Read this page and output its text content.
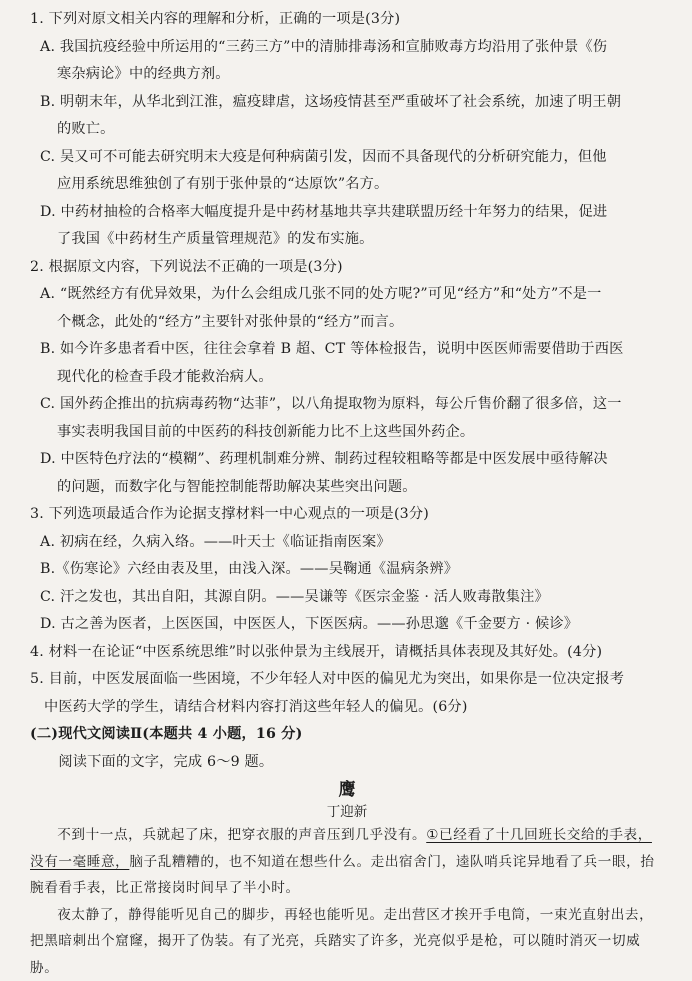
1. 下列对原文相关内容的理解和分析，正确的一项是(3分)

A. 我国抗疫经验中所运用的“三药三方”中的清肺排毒汤和宣肺败毒方均沿用了张仲景《伤
寒杂病论》中的经典方剂。

B. 明朝末年，从华北到江淮，瘟疫肆虐，这场疫情甚至严重破坏了社会系统，加速了明王朝
的败亡。

C. 吴又可不可能去研究明末大疫是何种病菌引发，因而不具备现代的分析研究能力，但他
应用系统思维独创了有别于张仲景的“达原饮”名方。

D. 中药材抽检的合格率大幅度提升是中药材基地共享共建联盟历经十年努力的结果，促进
了我国《中药材生产质量管理规范》的发布实施。

2. 根据原文内容，下列说法不正确的一项是(3分)

A. “既然经方有优异效果，为什么会组成几张不同的处方呢?”可见“经方”和“处方”不是一
个概念，此处的“经方”主要针对张仲景的“经方”而言。

B. 如今许多患者看中医，往往会拿着 B 超、CT 等体检报告，说明中医医师需要借助于西医
现代化的检查手段才能救治病人。

C. 国外药企推出的抗病毒药物“达菲”，以八角提取物为原料，每公斤售价翻了很多倍，这一
事实表明我国目前的中医药的科技创新能力比不上这些国外药企。

D. 中医特色疗法的“模糊”、药理机制难分辨、制药过程较粗略等都是中医发展中亟待解决
的问题，而数字化与智能控制能帮助解决某些突出问题。

3. 下列选项最适合作为论据支撑材料一中心观点的一项是(3分)

A. 初病在经，久病入络。——叶天士《临证指南医案》

B.《伤寒论》六经由表及里，由浅入深。——吴鞠通《温病条辨》

C. 汗之发也，其出自阳，其源自阴。——吴谦等《医宗金鉴 · 活人败毒散集注》

D. 古之善为医者，上医医国，中医医人，下医医病。——孙思邈《千金要方 · 候诊》

4. 材料一在论证“中医系统思维”时以张仲景为主线展开，请概括具体表现及其好处。(4分)

5. 目前，中医发展面临一些困境，不少年轻人对中医的偏见尤为突出，如果你是一位决定报考

中医药大学的学生，请结合材料内容打消这些年轻人的偏见。(6分)

(二)现代文阅读Ⅱ(本题共 4 小题，16 分)

阅读下面的文字，完成 6～9 题。

鹰

丁迎新

不到十一点，兵就起了床，把穿衣服的声音压到几乎没有。①已经看了十几回班长交给的手表，没有一毫睡意，脑子乱糟糟的，也不知道在想些什么。走出宿舍门，逵队哨兵诧异地看了兵一眼，抬腕看看手表，比正常接岗时间早了半小时。

夜太静了，静得能听见自己的脚步，再轻也能听见。走出营区才挨开手电筒，一束光直射出去，把黑暗刺出个窟窿，揭开了伪装。有了光亮，兵踏实了许多，光亮似乎是枪，可以随时消灭一切威胁。
